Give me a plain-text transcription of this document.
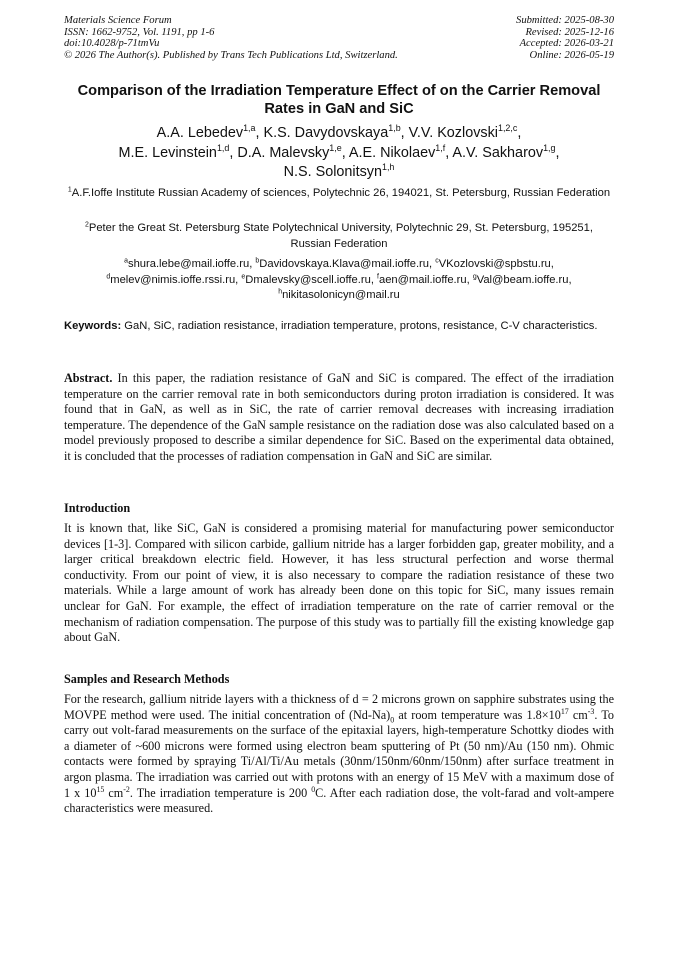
Materials Science Forum
ISSN: 1662-9752, Vol. 1191, pp 1-6
doi:10.4028/p-71tmVu
© 2026 The Author(s). Published by Trans Tech Publications Ltd, Switzerland.
Submitted: 2025-08-30
Revised: 2025-12-16
Accepted: 2026-03-21
Online: 2026-05-19
Comparison of the Irradiation Temperature Effect of on the Carrier Removal Rates in GaN and SiC
A.A. Lebedev$^{1,a}$, K.S. Davydovskaya$^{1,b}$, V.V. Kozlovski$^{1,2,c}$,
M.E. Levinstein$^{1,d}$, D.A. Malevsky$^{1,e}$, A.E. Nikolaev$^{1,f}$, A.V. Sakharov$^{1,g}$,
N.S. Solonitsyn$^{1,h}$
$^1$A.F.Ioffe Institute Russian Academy of sciences, Polytechnic 26, 194021, St. Petersburg, Russian Federation
$^2$Peter the Great St. Petersburg State Polytechnical University, Polytechnic 29, St. Petersburg, 195251, Russian Federation
$^a$shura.lebe@mail.ioffe.ru, $^b$Davidovskaya.Klava@mail.ioffe.ru, $^c$VKozlovski@spbstu.ru,
$^d$melev@nimis.ioffe.rssi.ru, $^e$Dmalevsky@scell.ioffe.ru, $^f$aen@mail.ioffe.ru, $^g$Val@beam.ioffe.ru,
$^h$nikitasolonicyn@mail.ru
Keywords: GaN, SiC, radiation resistance, irradiation temperature, protons, resistance, C-V characteristics.
Abstract. In this paper, the radiation resistance of GaN and SiC is compared. The effect of the irradiation temperature on the carrier removal rate in both semiconductors during proton irradiation is considered. It was found that in GaN, as well as in SiC, the rate of carrier removal decreases with increasing irradiation temperature. The dependence of the GaN sample resistance on the radiation dose was also calculated based on a model previously proposed to describe a similar dependence for SiC. Based on the experimental data obtained, it is concluded that the processes of radiation compensation in GaN and SiC are similar.
Introduction
It is known that, like SiC, GaN is considered a promising material for manufacturing power semiconductor devices [1-3]. Compared with silicon carbide, gallium nitride has a larger forbidden gap, greater mobility, and a larger critical breakdown electric field. However, it has less structural perfection and worse thermal conductivity. From our point of view, it is also necessary to compare the radiation resistance of these two materials. While a large amount of work has already been done on this topic for SiC, many issues remain unclear for GaN. For example, the effect of irradiation temperature on the rate of carrier removal or the mechanism of radiation compensation. The purpose of this study was to partially fill the existing knowledge gap about GaN.
Samples and Research Methods
For the research, gallium nitride layers with a thickness of d = 2 microns grown on sapphire substrates using the MOVPE method were used. The initial concentration of $(Nd-Na)_0$ at room temperature was $1.8\times 10^{17}$ $cm^{-3}$. To carry out volt-farad measurements on the surface of the epitaxial layers, high-temperature Schottky diodes with a diameter of ~600 microns were formed using electron beam sputtering of Pt (50 nm)/Au (150 nm). Ohmic contacts were formed by spraying Ti/Al/Ti/Au metals (30nm/150nm/60nm/150nm) after surface treatment in argon plasma. The irradiation was carried out with protons with an energy of 15 MeV with a maximum dose of 1 x $10^{15}$ $cm^{-2}$. The irradiation temperature is 200 $^0$C. After each radiation dose, the volt-farad and volt-ampere characteristics were measured.
